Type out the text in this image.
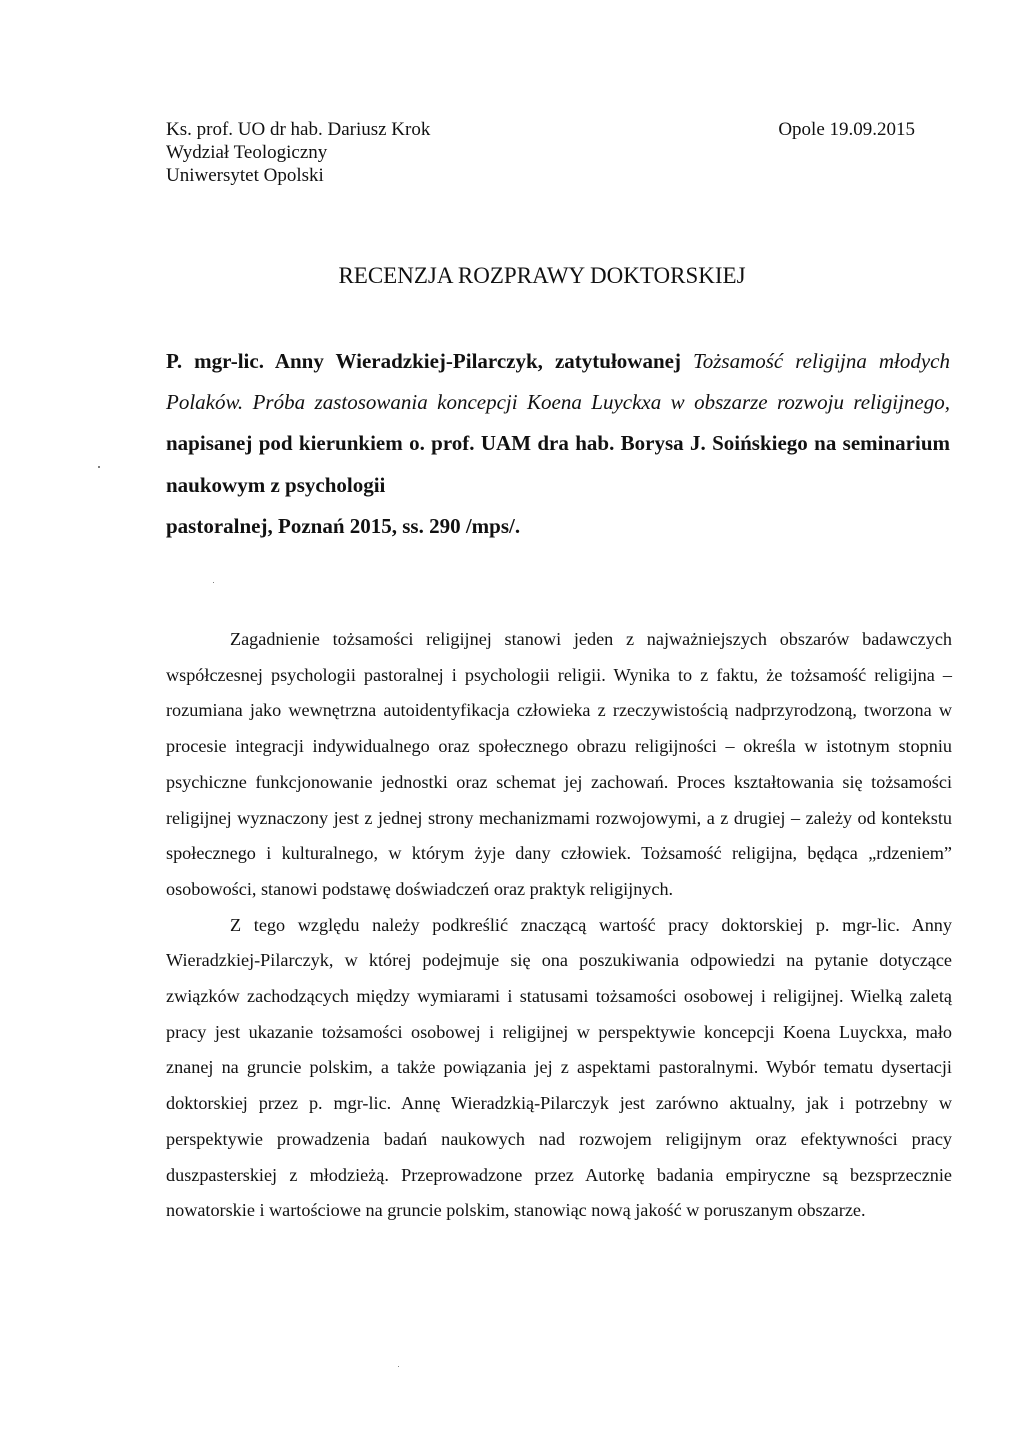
Ks. prof. UO dr hab. Dariusz Krok
Wydział Teologiczny
Uniwersytet Opolski
Opole 19.09.2015
RECENZJA ROZPRAWY DOKTORSKIEJ
P. mgr-lic. Anny Wieradzkiej-Pilarczyk, zatytułowanej Tożsamość religijna młodych Polaków. Próba zastosowania koncepcji Koena Luyckxa w obszarze rozwoju religijnego, napisanej pod kierunkiem o. prof. UAM dra hab. Borysa J. Soińskiego na seminarium naukowym z psychologii
pastoralnej, Poznań 2015, ss. 290 /mps/.

Zagadnienie tożsamości religijnej stanowi jeden z najważniejszych obszarów badawczych współczesnej psychologii pastoralnej i psychologii religii. Wynika to z faktu, że tożsamość religijna – rozumiana jako wewnętrzna autoidentyfikacja człowieka z rzeczywistością nadprzyrodzoną, tworzona w procesie integracji indywidualnego oraz społecznego obrazu religijności – określa w istotnym stopniu psychiczne funkcjonowanie jednostki oraz schemat jej zachowań. Proces kształtowania się tożsamości religijnej wyznaczony jest z jednej strony mechanizmami rozwojowymi, a z drugiej – zależy od kontekstu społecznego i kulturalnego, w którym żyje dany człowiek. Tożsamość religijna, będąca „rdzeniem” osobowości, stanowi podstawę doświadczeń oraz praktyk religijnych.

Z tego względu należy podkreślić znaczącą wartość pracy doktorskiej p. mgr-lic. Anny Wieradzkiej-Pilarczyk, w której podejmuje się ona poszukiwania odpowiedzi na pytanie dotyczące związków zachodzących między wymiarami i statusami tożsamości osobowej i religijnej. Wielką zaletą pracy jest ukazanie tożsamości osobowej i religijnej w perspektywie koncepcji Koena Luyckxa, mało znanej na gruncie polskim, a także powiązania jej z aspektami pastoralnymi. Wybór tematu dysertacji doktorskiej przez p. mgr-lic. Annę Wieradzkią-Pilarczyk jest zarówno aktualny, jak i potrzebny w perspektywie prowadzenia badań naukowych nad rozwojem religijnym oraz efektywności pracy duszpasterskiej z młodzieżą. Przeprowadzone przez Autorkę badania empiryczne są bezsprzecznie nowatorskie i wartościowe na gruncie polskim, stanowiąc nową jakość w poruszanym obszarze.
